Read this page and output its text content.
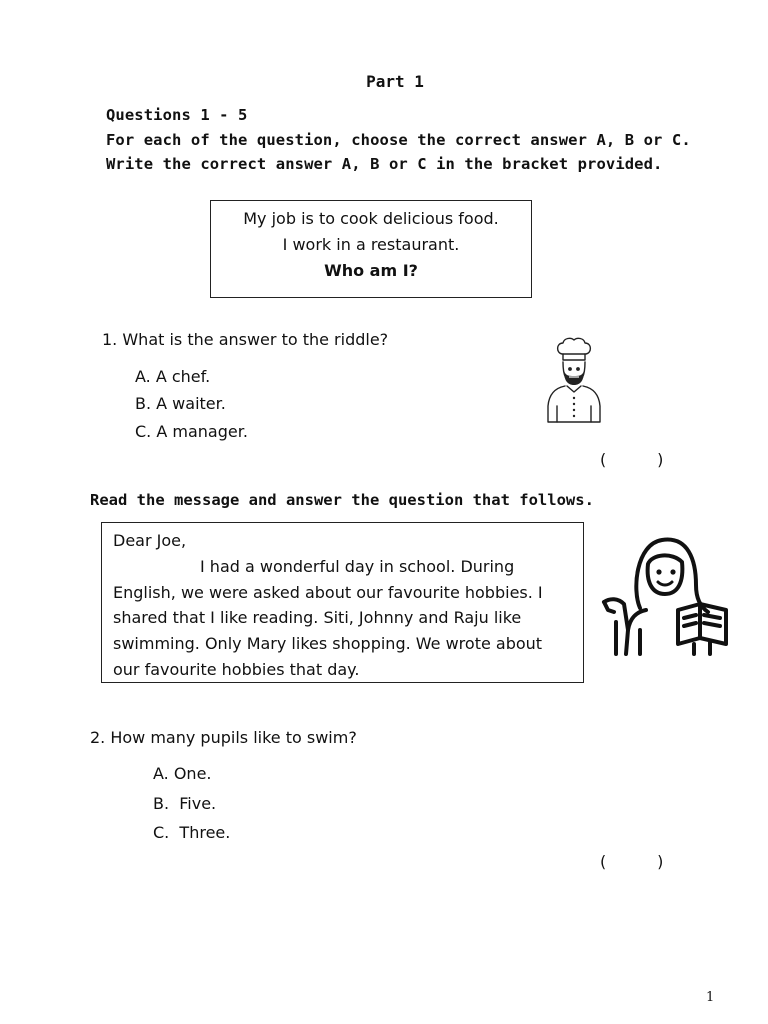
Part 1
Questions 1 - 5
For each of the question, choose the correct answer A, B or C.
Write the correct answer A, B or C in the bracket provided.
My job is to cook delicious food.
I work in a restaurant.
Who am I?
1. What is the answer to the riddle?
A. A chef.
B. A waiter.
C. A manager.
(          )
Read the message and answer the question that follows.

Dear Joe,

I had a wonderful day in school. During English, we were asked about our favourite hobbies. I shared that I like reading. Siti, Johnny and Raju like swimming. Only Mary likes shopping. We wrote about our favourite hobbies that day.

2. How many pupils like to swim?
A. One.
B.  Five.
C.  Three.
(          )
1
